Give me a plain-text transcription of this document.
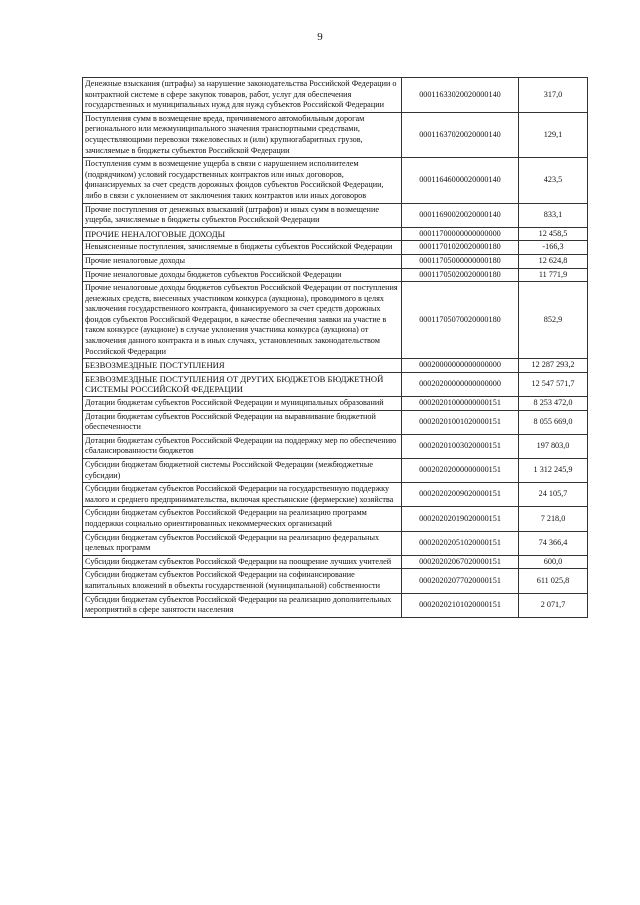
9
Денежные взыскания (штрафы) за нарушение законодательства Российской Федерации о контрактной системе в сфере закупок товаров, работ, услуг для обеспечения государственных и муниципальных нужд для нужд субъектов Российской Федерации	00011633020020000140	317,0
Поступления сумм в возмещение вреда, причиняемого автомобильным дорогам регионального или межмуниципального значения транспортными средствами, осуществляющими перевозки тяжеловесных и (или) крупногабаритных грузов, зачисляемые в бюджеты субъектов Российской Федерации	00011637020020000140	129,1
Поступления сумм в возмещение ущерба в связи с нарушением исполнителем (подрядчиком) условий государственных контрактов или иных договоров, финансируемых за счет средств дорожных фондов субъектов Российской Федерации, либо в связи с уклонением от заключения таких контрактов или иных договоров	00011646000020000140	423,5
Прочие поступления от денежных взысканий (штрафов) и иных сумм в возмещение ущерба, зачисляемые в бюджеты субъектов Российской Федерации	00011690020020000140	833,1
ПРОЧИЕ НЕНАЛОГОВЫЕ ДОХОДЫ	00011700000000000000	12 458,5
Невыясненные поступления, зачисляемые в бюджеты субъектов Российской Федерации	00011701020020000180	-166,3
Прочие неналоговые доходы	00011705000000000180	12 624,8
Прочие неналоговые доходы бюджетов субъектов Российской Федерации	00011705020020000180	11 771,9
Прочие неналоговые доходы бюджетов субъектов Российской Федерации от поступления денежных средств, внесенных участником конкурса (аукциона), проводимого в целях заключения государственного контракта, финансируемого за счет средств дорожных фондов субъектов Российской Федерации, в качестве обеспечения заявки на участие в таком конкурсе (аукционе) в случае уклонения участника конкурса (аукциона) от заключения данного контракта и в иных случаях, установленных законодательством Российской Федерации	00011705070020000180	852,9
БЕЗВОЗМЕЗДНЫЕ ПОСТУПЛЕНИЯ	00020000000000000000	12 287 293,2
БЕЗВОЗМЕЗДНЫЕ ПОСТУПЛЕНИЯ ОТ ДРУГИХ БЮДЖЕТОВ БЮДЖЕТНОЙ СИСТЕМЫ РОССИЙСКОЙ ФЕДЕРАЦИИ	00020200000000000000	12 547 571,7
Дотации бюджетам субъектов Российской Федерации и муниципальных образований	00020201000000000151	8 253 472,0
Дотации бюджетам субъектов Российской Федерации на выравнивание бюджетной обеспеченности	00020201001020000151	8 055 669,0
Дотации бюджетам субъектов Российской Федерации на поддержку мер по обеспечению сбалансированности бюджетов	00020201003020000151	197 803,0
Субсидии бюджетам бюджетной системы Российской Федерации (межбюджетные субсидии)	00020202000000000151	1 312 245,9
Субсидии бюджетам субъектов Российской Федерации на государственную поддержку малого и среднего предпринимательства, включая крестьянские (фермерские) хозяйства	00020202009020000151	24 105,7
Субсидии бюджетам субъектов Российской Федерации на реализацию программ поддержки социально ориентированных некоммерческих организаций	00020202019020000151	7 218,0
Субсидии бюджетам субъектов Российской Федерации на реализацию федеральных целевых программ	00020202051020000151	74 366,4
Субсидии бюджетам субъектов Российской Федерации на поощрение лучших учителей	00020202067020000151	600,0
Субсидии бюджетам субъектов Российской Федерации на софинансирование капитальных вложений в объекты государственной (муниципальной) собственности	00020202077020000151	611 025,8
Субсидии бюджетам субъектов Российской Федерации на реализацию дополнительных мероприятий в сфере занятости населения	00020202101020000151	2 071,7
